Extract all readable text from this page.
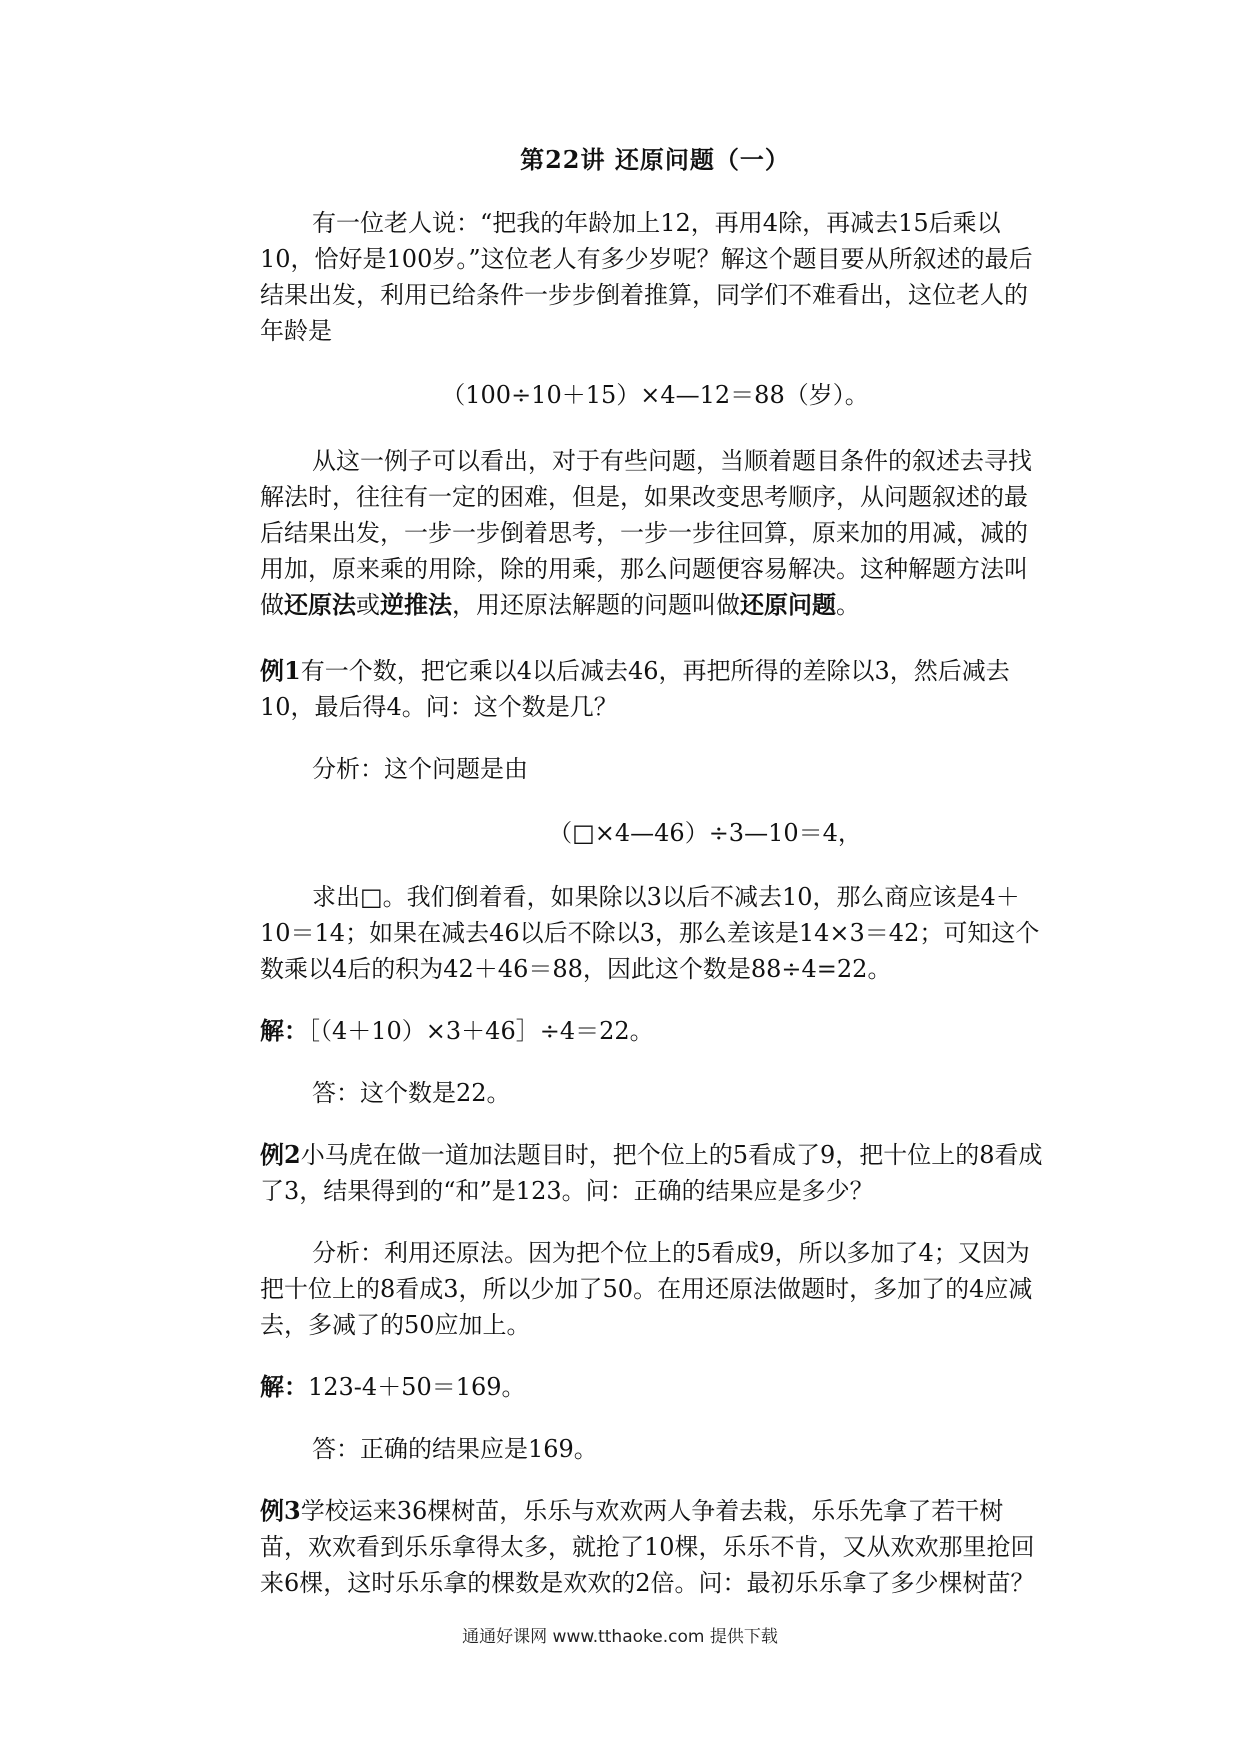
第22讲 还原问题（一）

有一位老人说：“把我的年龄加上12，再用4除，再减去15后乘以10，恰好是100岁。”这位老人有多少岁呢？解这个题目要从所叙述的最后结果出发，利用已给条件一步步倒着推算，同学们不难看出，这位老人的年龄是

（100÷10＋15）×4—12＝88（岁）。

从这一例子可以看出，对于有些问题，当顺着题目条件的叙述去寻找解法时，往往有一定的困难，但是，如果改变思考顺序，从问题叙述的最后结果出发，一步一步倒着思考，一步一步往回算，原来加的用减，减的用加，原来乘的用除，除的用乘，那么问题便容易解决。这种解题方法叫做还原法或逆推法，用还原法解题的问题叫做还原问题。

例1有一个数，把它乘以4以后减去46，再把所得的差除以3，然后减去10，最后得4。问：这个数是几？

分析：这个问题是由

（□×4—46）÷3—10＝4，

求出□。我们倒着看，如果除以3以后不减去10，那么商应该是4＋10＝14；如果在减去46以后不除以3，那么差该是14×3＝42；可知这个数乘以4后的积为42＋46＝88，因此这个数是88÷4=22。

解：［（4＋10）×3＋46］÷4＝22。

答：这个数是22。

例2小马虎在做一道加法题目时，把个位上的5看成了9，把十位上的8看成了3，结果得到的“和”是123。问：正确的结果应是多少？

分析：利用还原法。因为把个位上的5看成9，所以多加了4；又因为把十位上的8看成3，所以少加了50。在用还原法做题时，多加了的4应减去，多减了的50应加上。

解：123-4＋50＝169。

答：正确的结果应是169。

例3学校运来36棵树苗，乐乐与欢欢两人争着去栽，乐乐先拿了若干树苗，欢欢看到乐乐拿得太多，就抢了10棵，乐乐不肯，又从欢欢那里抢回来6棵，这时乐乐拿的棵数是欢欢的2倍。问：最初乐乐拿了多少棵树苗？

通通好课网 www.tthaoke.com 提供下载
